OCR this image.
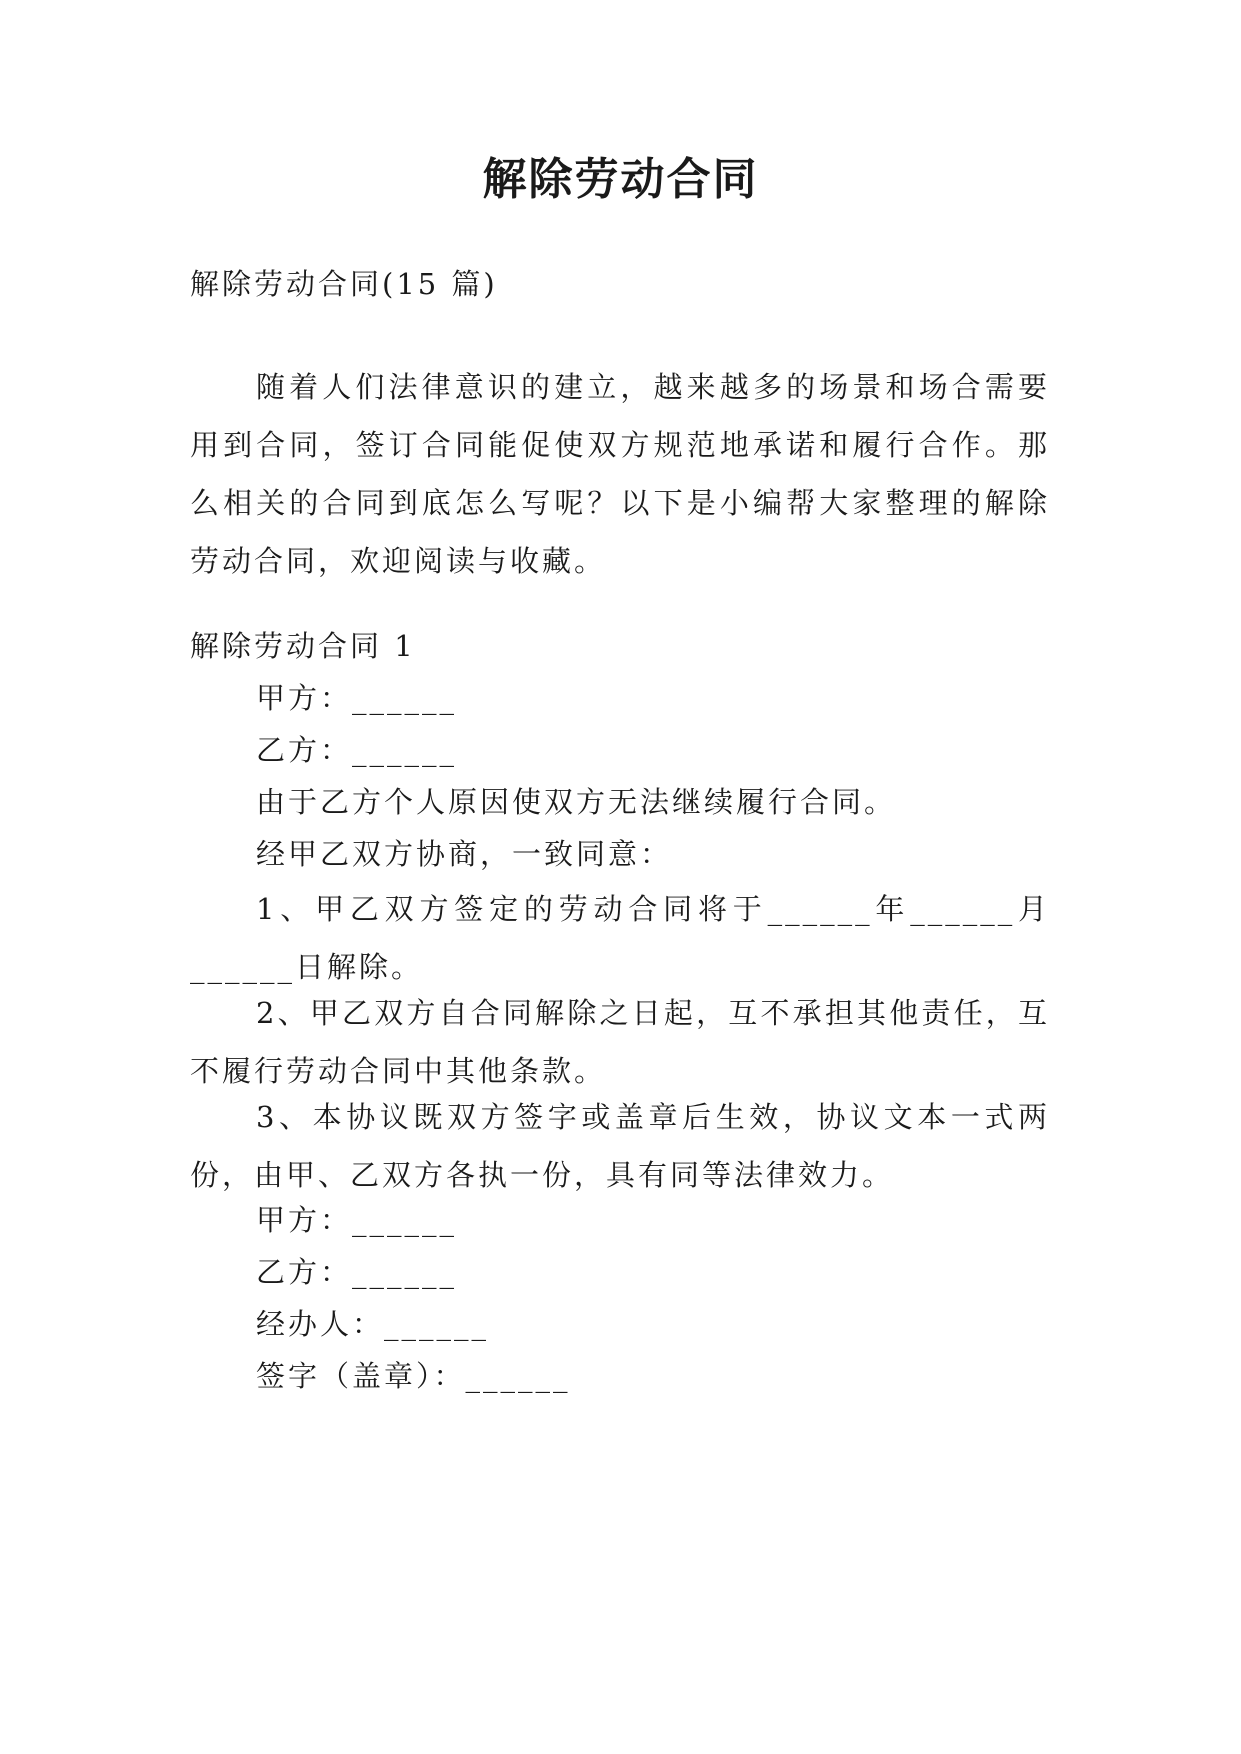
解除劳动合同
解除劳动合同(15 篇)
随着人们法律意识的建立，越来越多的场景和场合需要用到合同，签订合同能促使双方规范地承诺和履行合作。那么相关的合同到底怎么写呢？以下是小编帮大家整理的解除劳动合同，欢迎阅读与收藏。
解除劳动合同 1
甲方：______
乙方：______
由于乙方个人原因使双方无法继续履行合同。
经甲乙双方协商，一致同意：
1、甲乙双方签定的劳动合同将于______年______月______日解除。
2、甲乙双方自合同解除之日起，互不承担其他责任，互不履行劳动合同中其他条款。
3、本协议既双方签字或盖章后生效，协议文本一式两份，由甲、乙双方各执一份，具有同等法律效力。
甲方：______
乙方：______
经办人：______
签字（盖章）：______
